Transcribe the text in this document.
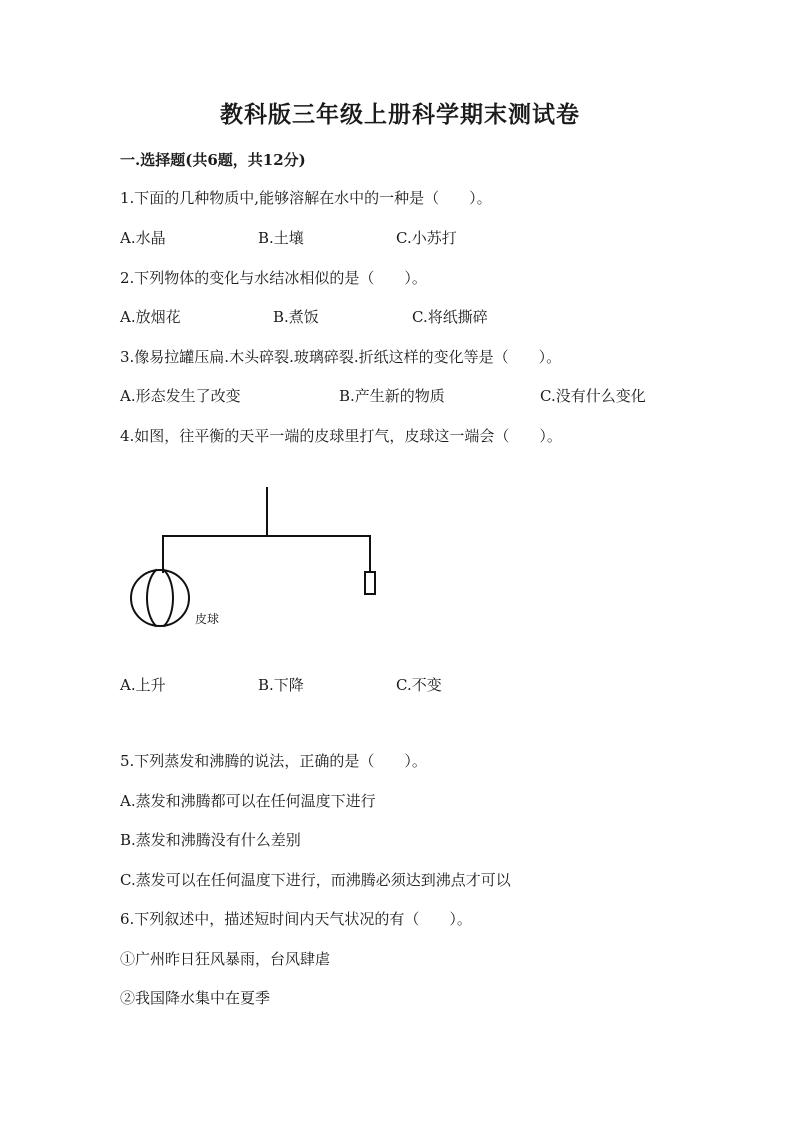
教科版三年级上册科学期末测试卷
一.选择题(共6题，共12分)
1.下面的几种物质中,能够溶解在水中的一种是（　　）。
A.水晶	B.土壤	C.小苏打
2.下列物体的变化与水结冰相似的是（　　）。
A.放烟花	B.煮饭	C.将纸撕碎
3.像易拉罐压扁.木头碎裂.玻璃碎裂.折纸这样的变化等是（　　）。
A.形态发生了改变	B.产生新的物质	C.没有什么变化
4.如图，往平衡的天平一端的皮球里打气，皮球这一端会（　　）。
皮球
A.上升	B.下降	C.不变
5.下列蒸发和沸腾的说法，正确的是（　　）。
A.蒸发和沸腾都可以在任何温度下进行
B.蒸发和沸腾没有什么差别
C.蒸发可以在任何温度下进行，而沸腾必须达到沸点才可以
6.下列叙述中，描述短时间内天气状况的有（　　）。
①广州昨日狂风暴雨，台风肆虐
②我国降水集中在夏季
